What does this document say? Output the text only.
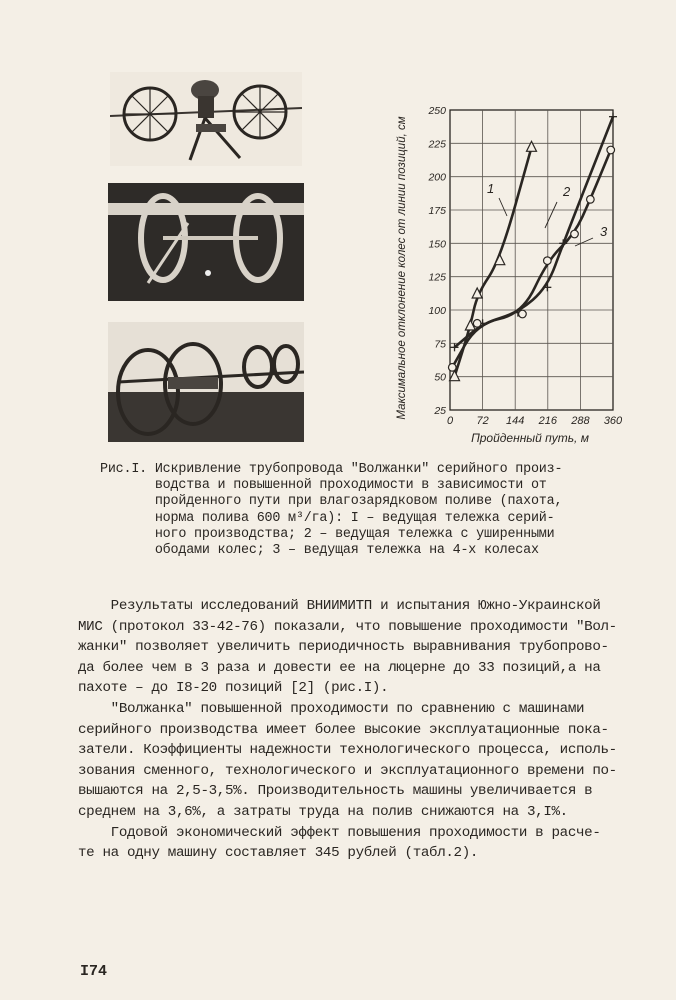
0 72 144 216 288 360
25
50
75
100
125
150
175
200
225
250
Максимальное отклонение колес от линии позиций, см
Пройденный путь, м
1	2
3

Рис.I. Искривление трубопровода "Волжанки" серийного произ-

водства и повышенной проходимости в зависимости от

пройденного пути при влагозарядковом поливе (пахота,

норма полива 600 м³/га): I – ведущая тележка серий-

ного производства; 2 – ведущая тележка с уширенными

ободами колес; 3 – ведущая тележка на 4-х колесах

Результаты исследований ВНИИМИТП и испытания Южно-Украинской

МИС (протокол 33-42-76) показали, что повышение проходимости "Вол-

жанки" позволяет увеличить периодичность выравнивания трубопрово-

да более чем в 3 раза и довести ее на люцерне до 33 позиций,а на

пахоте – до I8-20 позиций [2] (рис.I).

"Волжанка" повышенной проходимости по сравнению с машинами

серийного производства имеет более высокие эксплуатационные пока-

затели. Коэффициенты надежности технологического процесса, исполь-

зования сменного, технологического и эксплуатационного времени по-

вышаются на 2,5-3,5%. Производительность машины увеличивается в

среднем на 3,6%, а затраты труда на полив снижаются на 3,I%.

Годовой экономический эффект повышения проходимости в расче-

те на одну машину составляет 345 рублей (табл.2).

I74
